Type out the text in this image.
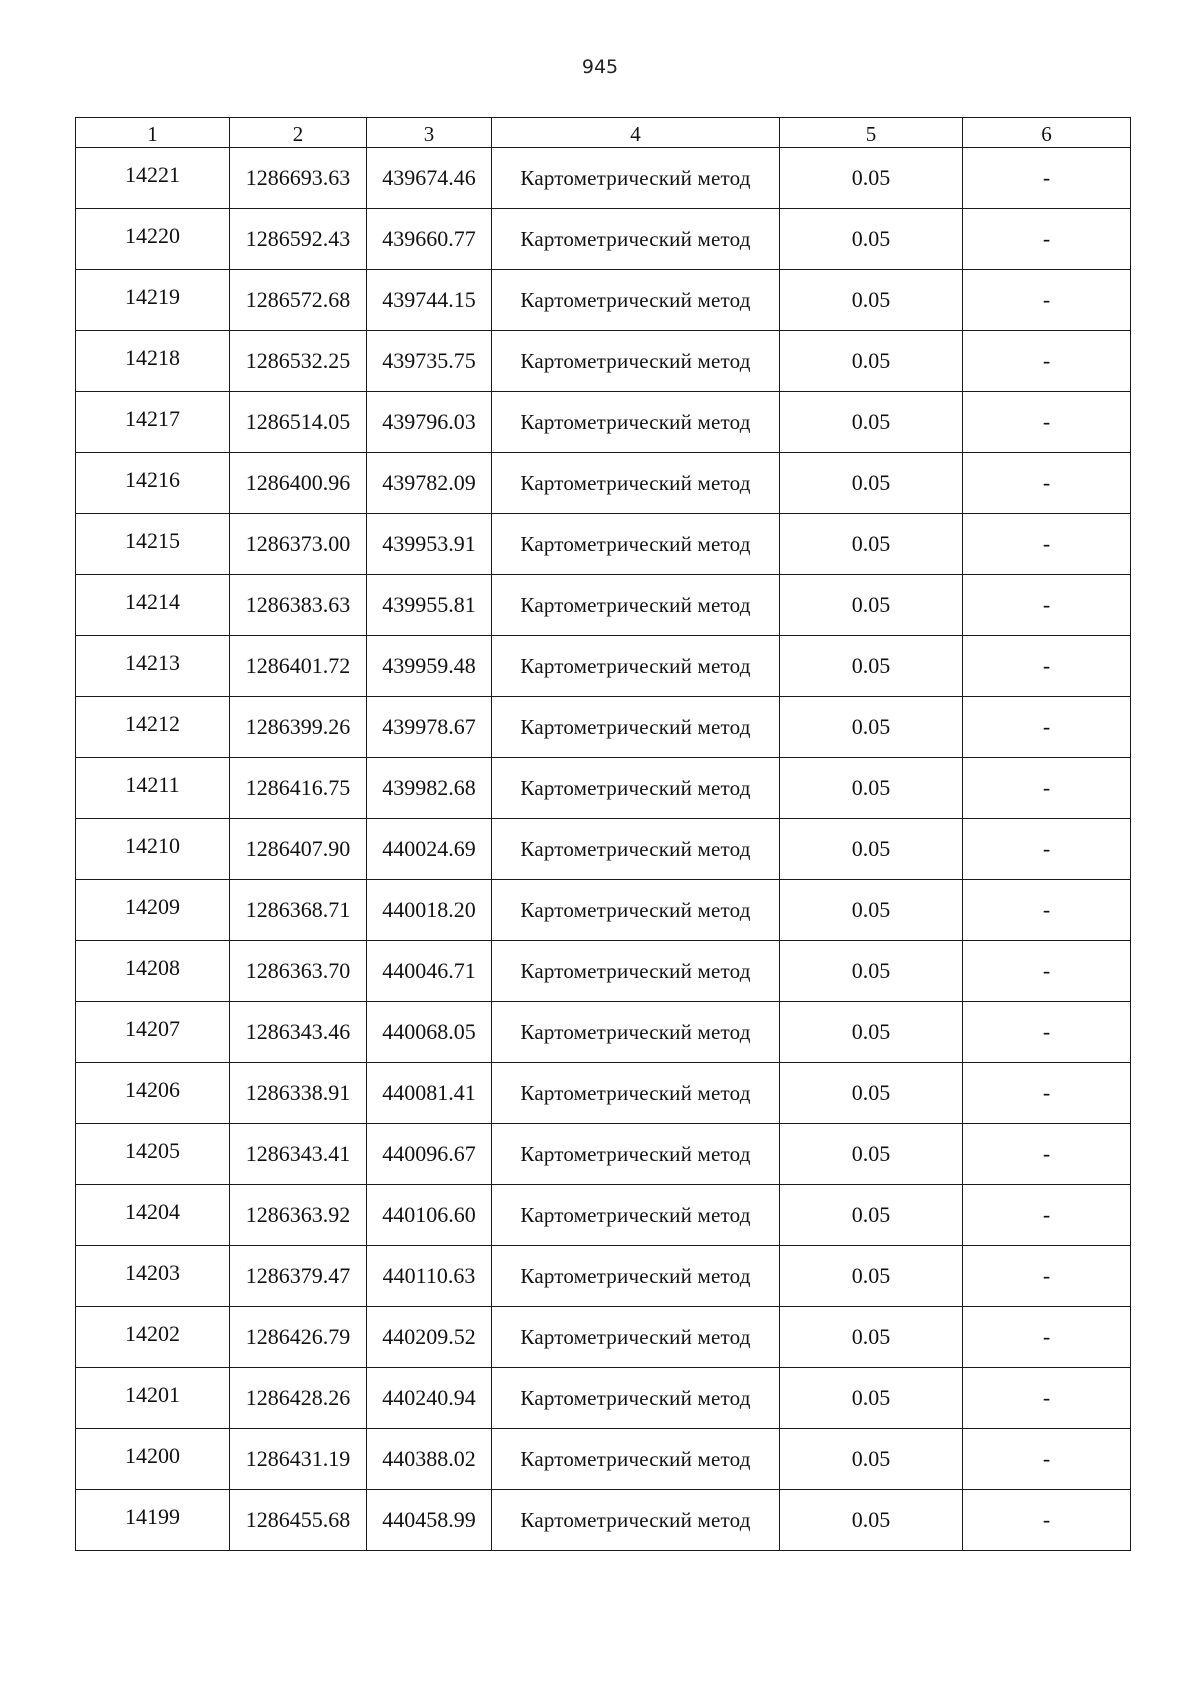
945
1	2	3	4	5	6
14221	1286693.63	439674.46	Картометрический метод	0.05	-
14220	1286592.43	439660.77	Картометрический метод	0.05	-
14219	1286572.68	439744.15	Картометрический метод	0.05	-
14218	1286532.25	439735.75	Картометрический метод	0.05	-
14217	1286514.05	439796.03	Картометрический метод	0.05	-
14216	1286400.96	439782.09	Картометрический метод	0.05	-
14215	1286373.00	439953.91	Картометрический метод	0.05	-
14214	1286383.63	439955.81	Картометрический метод	0.05	-
14213	1286401.72	439959.48	Картометрический метод	0.05	-
14212	1286399.26	439978.67	Картометрический метод	0.05	-
14211	1286416.75	439982.68	Картометрический метод	0.05	-
14210	1286407.90	440024.69	Картометрический метод	0.05	-
14209	1286368.71	440018.20	Картометрический метод	0.05	-
14208	1286363.70	440046.71	Картометрический метод	0.05	-
14207	1286343.46	440068.05	Картометрический метод	0.05	-
14206	1286338.91	440081.41	Картометрический метод	0.05	-
14205	1286343.41	440096.67	Картометрический метод	0.05	-
14204	1286363.92	440106.60	Картометрический метод	0.05	-
14203	1286379.47	440110.63	Картометрический метод	0.05	-
14202	1286426.79	440209.52	Картометрический метод	0.05	-
14201	1286428.26	440240.94	Картометрический метод	0.05	-
14200	1286431.19	440388.02	Картометрический метод	0.05	-
14199	1286455.68	440458.99	Картометрический метод	0.05	-
